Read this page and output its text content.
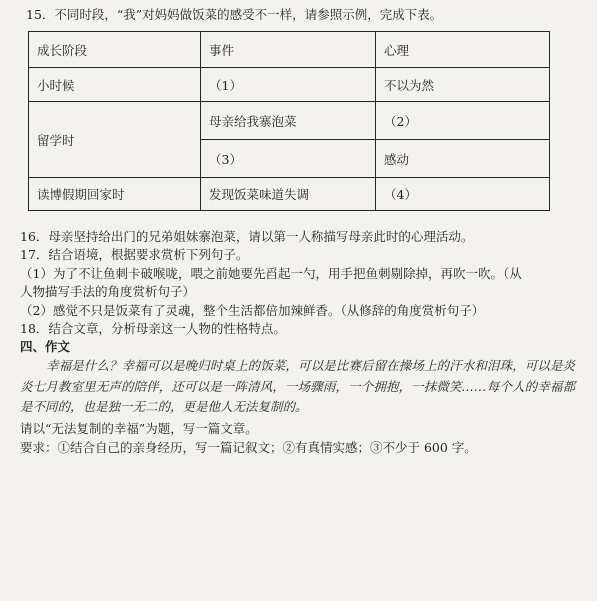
15．不同时段，“我”对妈妈做饭菜的感受不一样，请参照示例，完成下表。
成长阶段	事件	心理
小时候	（1）	不以为然
留学时	母亲给我寨泡菜	（2）
	（3）	感动
读博假期回家时	发现饭菜味道失调	（4）
16．母亲坚持给出门的兄弟姐妹寨泡菜，请以第一人称描写母亲此时的心理活动。
17．结合语境，根据要求赏析下列句子。
（1）为了不让鱼刺卡破喉咙，喂之前她要先舀起一勺，用手把鱼刺剔除掉，再吹一吹。（从
人物描写手法的角度赏析句子）
（2）感觉不只是饭菜有了灵魂，整个生活都倍加辣鲜香。（从修辞的角度赏析句子）
18．结合文章，分析母亲这一人物的性格特点。
四、作文
幸福是什么？幸福可以是晚归时桌上的饭菜，可以是比赛后留在操场上的汗水和泪珠，可以是炎炎七月教室里无声的陪伴，还可以是一阵清风，一场骤雨，一个拥抱，一抹微笑……每个人的幸福都是不同的，也是独一无二的，更是他人无法复制的。
请以“无法复制的幸福”为题，写一篇文章。
要求：①结合自己的亲身经历，写一篇记叙文；②有真情实感；③不少于 600 字。
